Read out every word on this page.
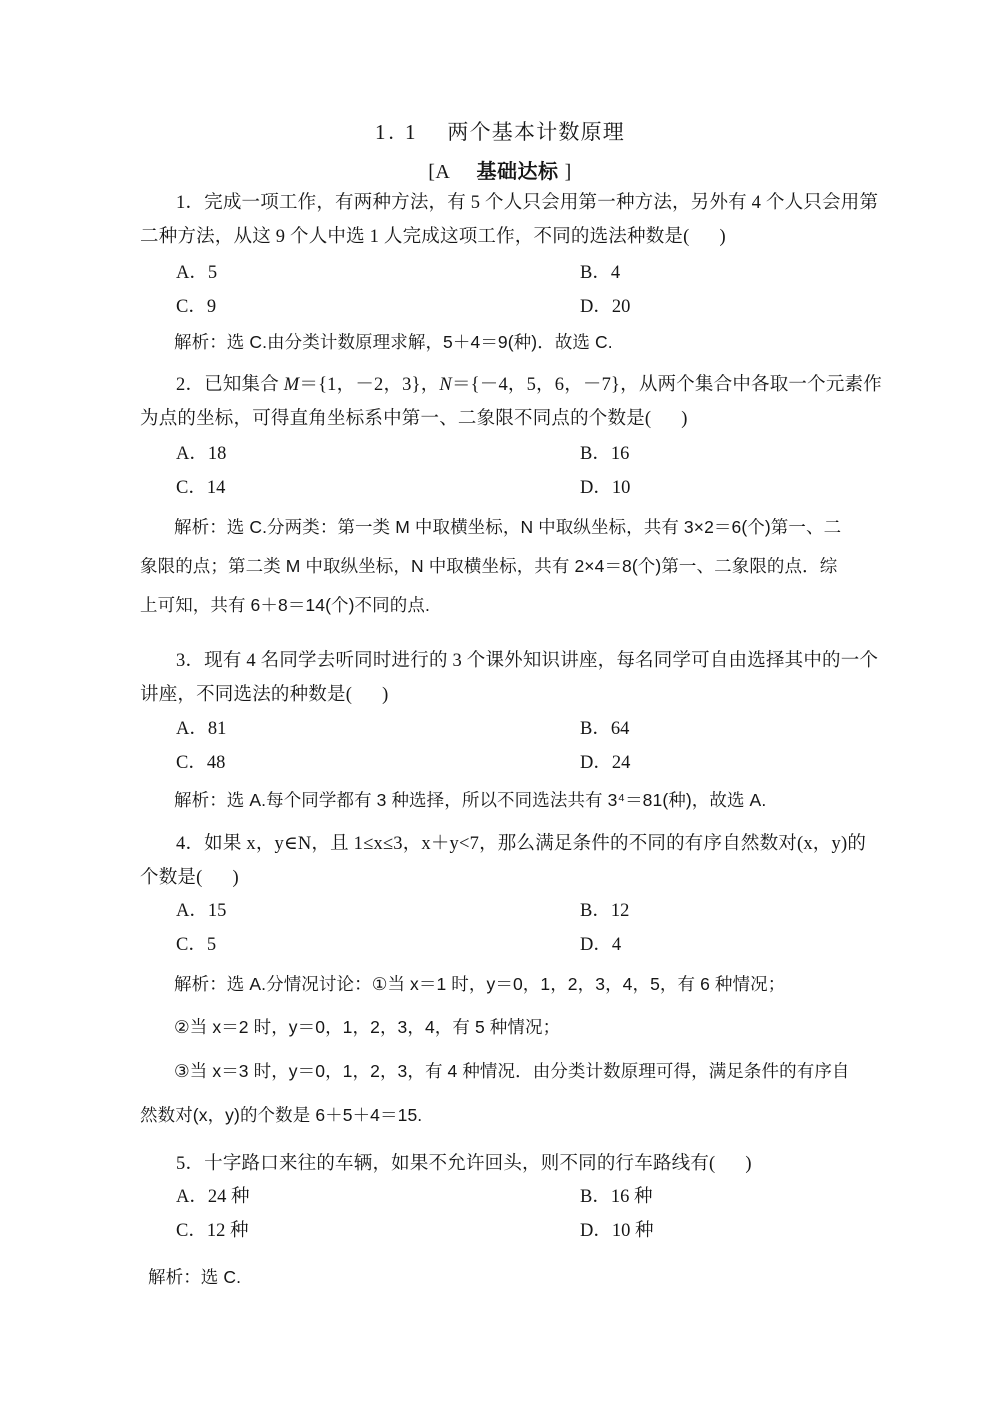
1. 1 两个基本计数原理
[A 基础达标 ]
1．完成一项工作，有两种方法，有 5 个人只会用第一种方法，另外有 4 个人只会用第
二种方法，从这 9 个人中选 1 人完成这项工作，不同的选法种数是( )
A．5	B．4
C．9	D．20
解析：选 C.由分类计数原理求解，5＋4＝9(种)．故选 C.
2．已知集合 M＝{1，－2，3}，N＝{－4，5，6，－7}，从两个集合中各取一个元素作
为点的坐标，可得直角坐标系中第一、二象限不同点的个数是( )
A．18	B．16
C．14	D．10
解析：选 C.分两类：第一类 M 中取横坐标，N 中取纵坐标，共有 3×2＝6(个)第一、二
象限的点；第二类 M 中取纵坐标，N 中取横坐标，共有 2×4＝8(个)第一、二象限的点．综
上可知，共有 6＋8＝14(个)不同的点.
3．现有 4 名同学去听同时进行的 3 个课外知识讲座，每名同学可自由选择其中的一个
讲座，不同选法的种数是( )
A．81	B．64
C．48	D．24
解析：选 A.每个同学都有 3 种选择，所以不同选法共有 3⁴＝81(种)，故选 A.
4．如果 x，y∈N，且 1≤x≤3，x＋y<7，那么满足条件的不同的有序自然数对(x，y)的
个数是( )
A．15	B．12
C．5	D．4
解析：选 A.分情况讨论：①当 x＝1 时，y＝0，1，2，3，4，5，有 6 种情况；
②当 x＝2 时，y＝0，1，2，3，4，有 5 种情况；
③当 x＝3 时，y＝0，1，2，3，有 4 种情况．由分类计数原理可得，满足条件的有序自
然数对(x，y)的个数是 6＋5＋4＝15.
5．十字路口来往的车辆，如果不允许回头，则不同的行车路线有( )
A．24 种	B．16 种
C．12 种	D．10 种
解析：选 C.
